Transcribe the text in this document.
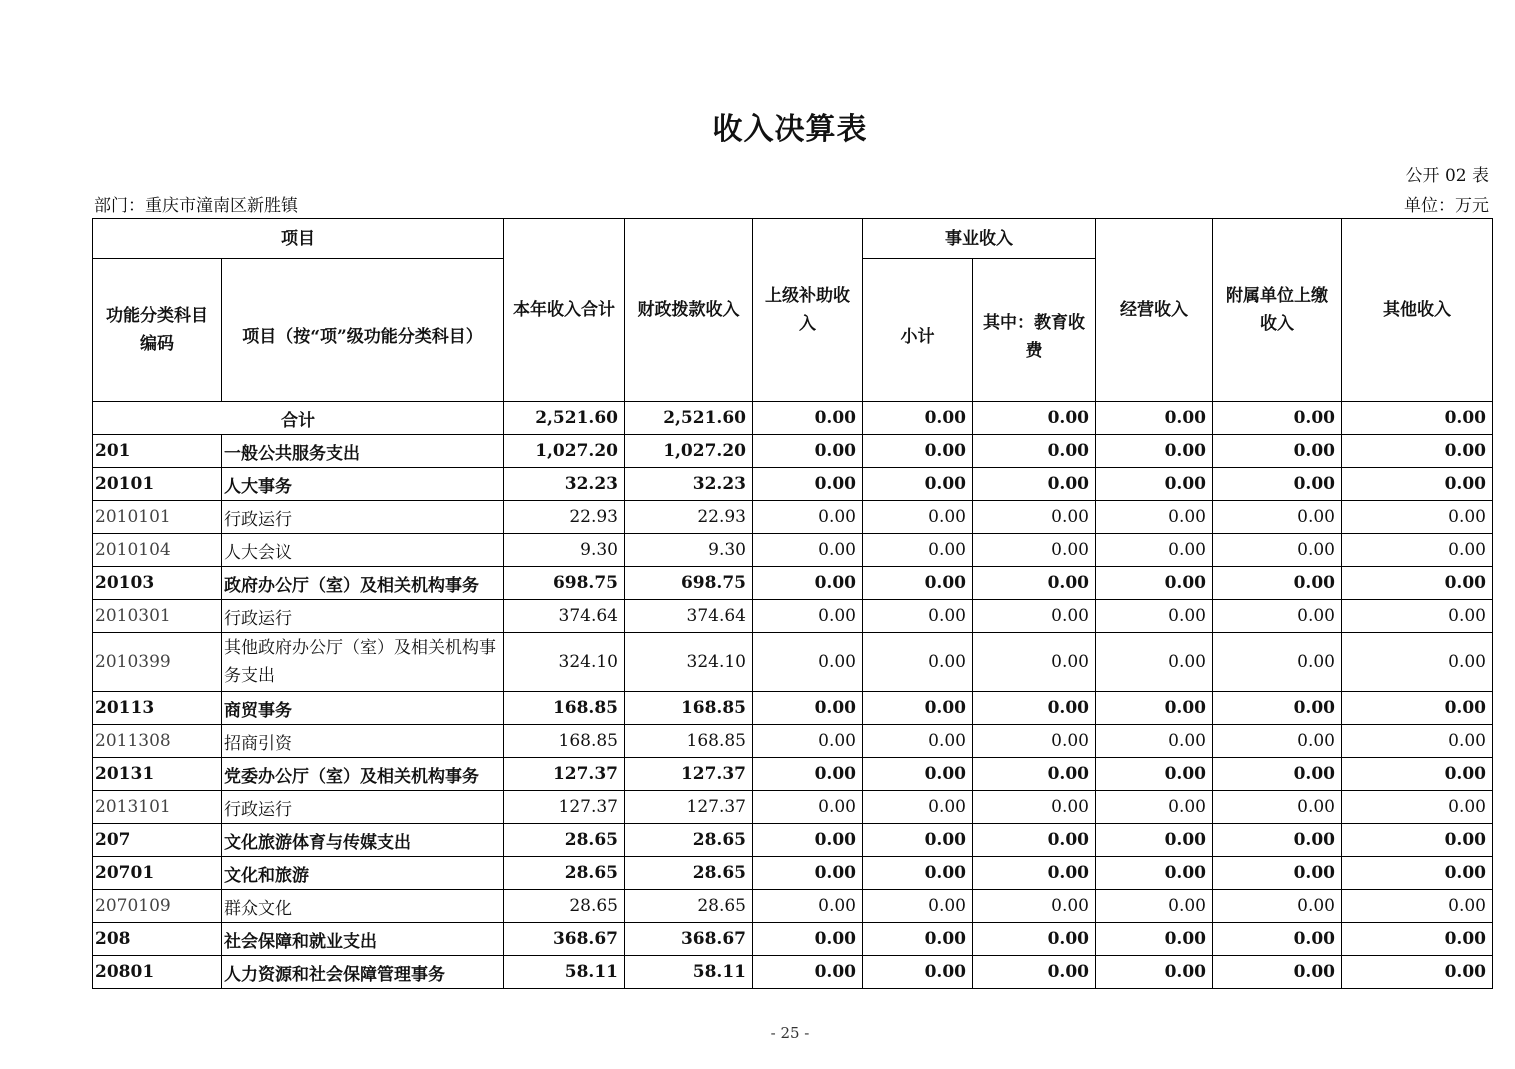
收入决算表
公开 02 表
部门：重庆市潼南区新胜镇	单位：万元
项目		本年收入合计	财政拨款收入	上级补助收入	事业收入		经营收入	附属单位上缴收入	其他收入
功能分类科目编码	项目（按“项”级功能分类科目）				小计	其中：教育收费			
合计		2,521.60	2,521.60	0.00	0.00	0.00	0.00	0.00	0.00
201	一般公共服务支出	1,027.20	1,027.20	0.00	0.00	0.00	0.00	0.00	0.00
20101	人大事务	32.23	32.23	0.00	0.00	0.00	0.00	0.00	0.00
2010101	行政运行	22.93	22.93	0.00	0.00	0.00	0.00	0.00	0.00
2010104	人大会议	9.30	9.30	0.00	0.00	0.00	0.00	0.00	0.00
20103	政府办公厅（室）及相关机构事务	698.75	698.75	0.00	0.00	0.00	0.00	0.00	0.00
2010301	行政运行	374.64	374.64	0.00	0.00	0.00	0.00	0.00	0.00
2010399	其他政府办公厅（室）及相关机构事务支出	324.10	324.10	0.00	0.00	0.00	0.00	0.00	0.00
20113	商贸事务	168.85	168.85	0.00	0.00	0.00	0.00	0.00	0.00
2011308	招商引资	168.85	168.85	0.00	0.00	0.00	0.00	0.00	0.00
20131	党委办公厅（室）及相关机构事务	127.37	127.37	0.00	0.00	0.00	0.00	0.00	0.00
2013101	行政运行	127.37	127.37	0.00	0.00	0.00	0.00	0.00	0.00
207	文化旅游体育与传媒支出	28.65	28.65	0.00	0.00	0.00	0.00	0.00	0.00
20701	文化和旅游	28.65	28.65	0.00	0.00	0.00	0.00	0.00	0.00
2070109	群众文化	28.65	28.65	0.00	0.00	0.00	0.00	0.00	0.00
208	社会保障和就业支出	368.67	368.67	0.00	0.00	0.00	0.00	0.00	0.00
20801	人力资源和社会保障管理事务	58.11	58.11	0.00	0.00	0.00	0.00	0.00	0.00
- 25 -
